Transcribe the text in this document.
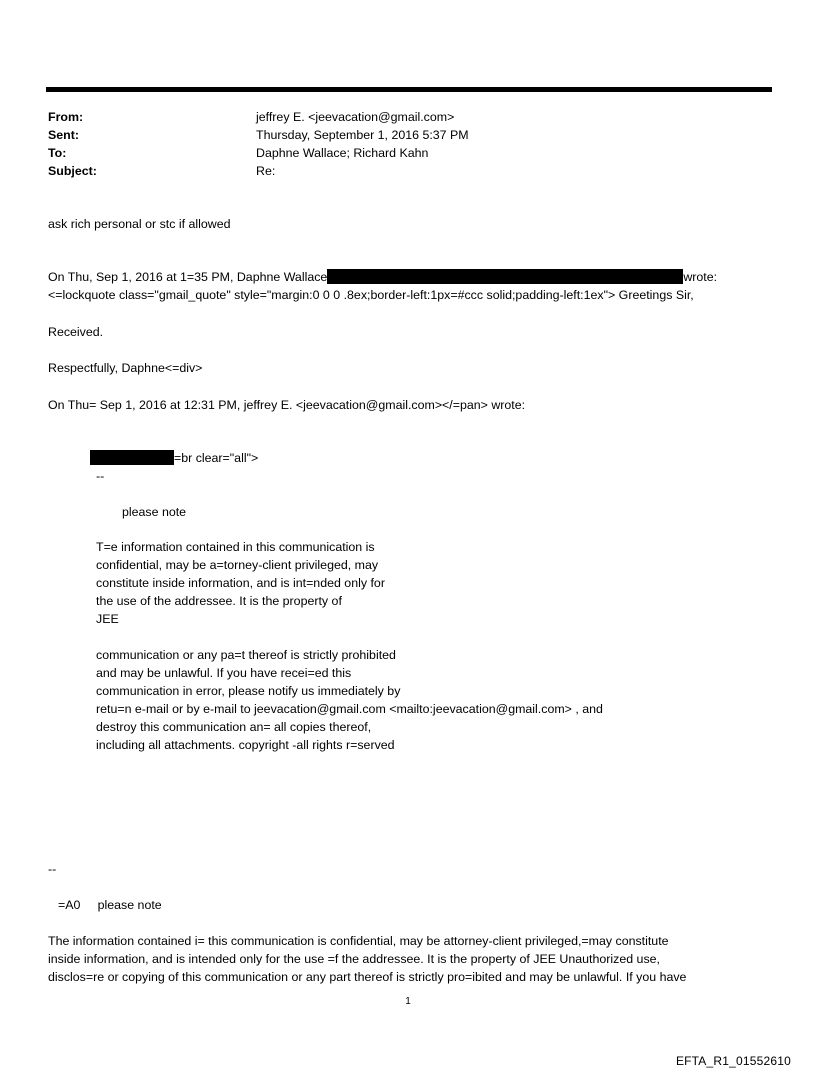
From:	jeffrey E. <jeevacation@gmail.com>
Sent:	Thursday, September 1, 2016 5:37 PM
To:	Daphne Wallace; Richard Kahn
Subject:	Re:
ask rich personal or stc if allowed
On Thu, Sep 1, 2016 at 1=35 PM, Daphne Wallace	wrote:
<=lockquote class="gmail_quote" style="margin:0 0 0 .8ex;border-left:1px=#ccc solid;padding-left:1ex"> Greetings Sir,
Received.
Respectfully, Daphne<=div>
On Thu= Sep 1, 2016 at 12:31 PM, jeffrey E. <jeevacation@gmail.com></=pan> wrote:
=br clear="all">
--
please note
T=e information contained in this communication is
confidential, may be a=torney-client privileged, may
constitute inside information, and is int=nded only for
the use of the addressee. It is the property of
JEE
communication or any pa=t thereof is strictly prohibited
and may be unlawful. If you have recei=ed this
communication in error, please notify us immediately by
retu=n e-mail or by e-mail to jeevacation@gmail.com <mailto:jeevacation@gmail.com> , and
destroy this communication an= all copies thereof,
including all attachments. copyright -all rights r=served
--
=A0     please note
The information contained i= this communication is confidential, may be attorney-client privileged,=may constitute
inside information, and is intended only for the use =f the addressee. It is the property of JEE Unauthorized use,
disclos=re or copying of this communication or any part thereof is strictly pro=ibited and may be unlawful. If you have
1
EFTA_R1_01552610
